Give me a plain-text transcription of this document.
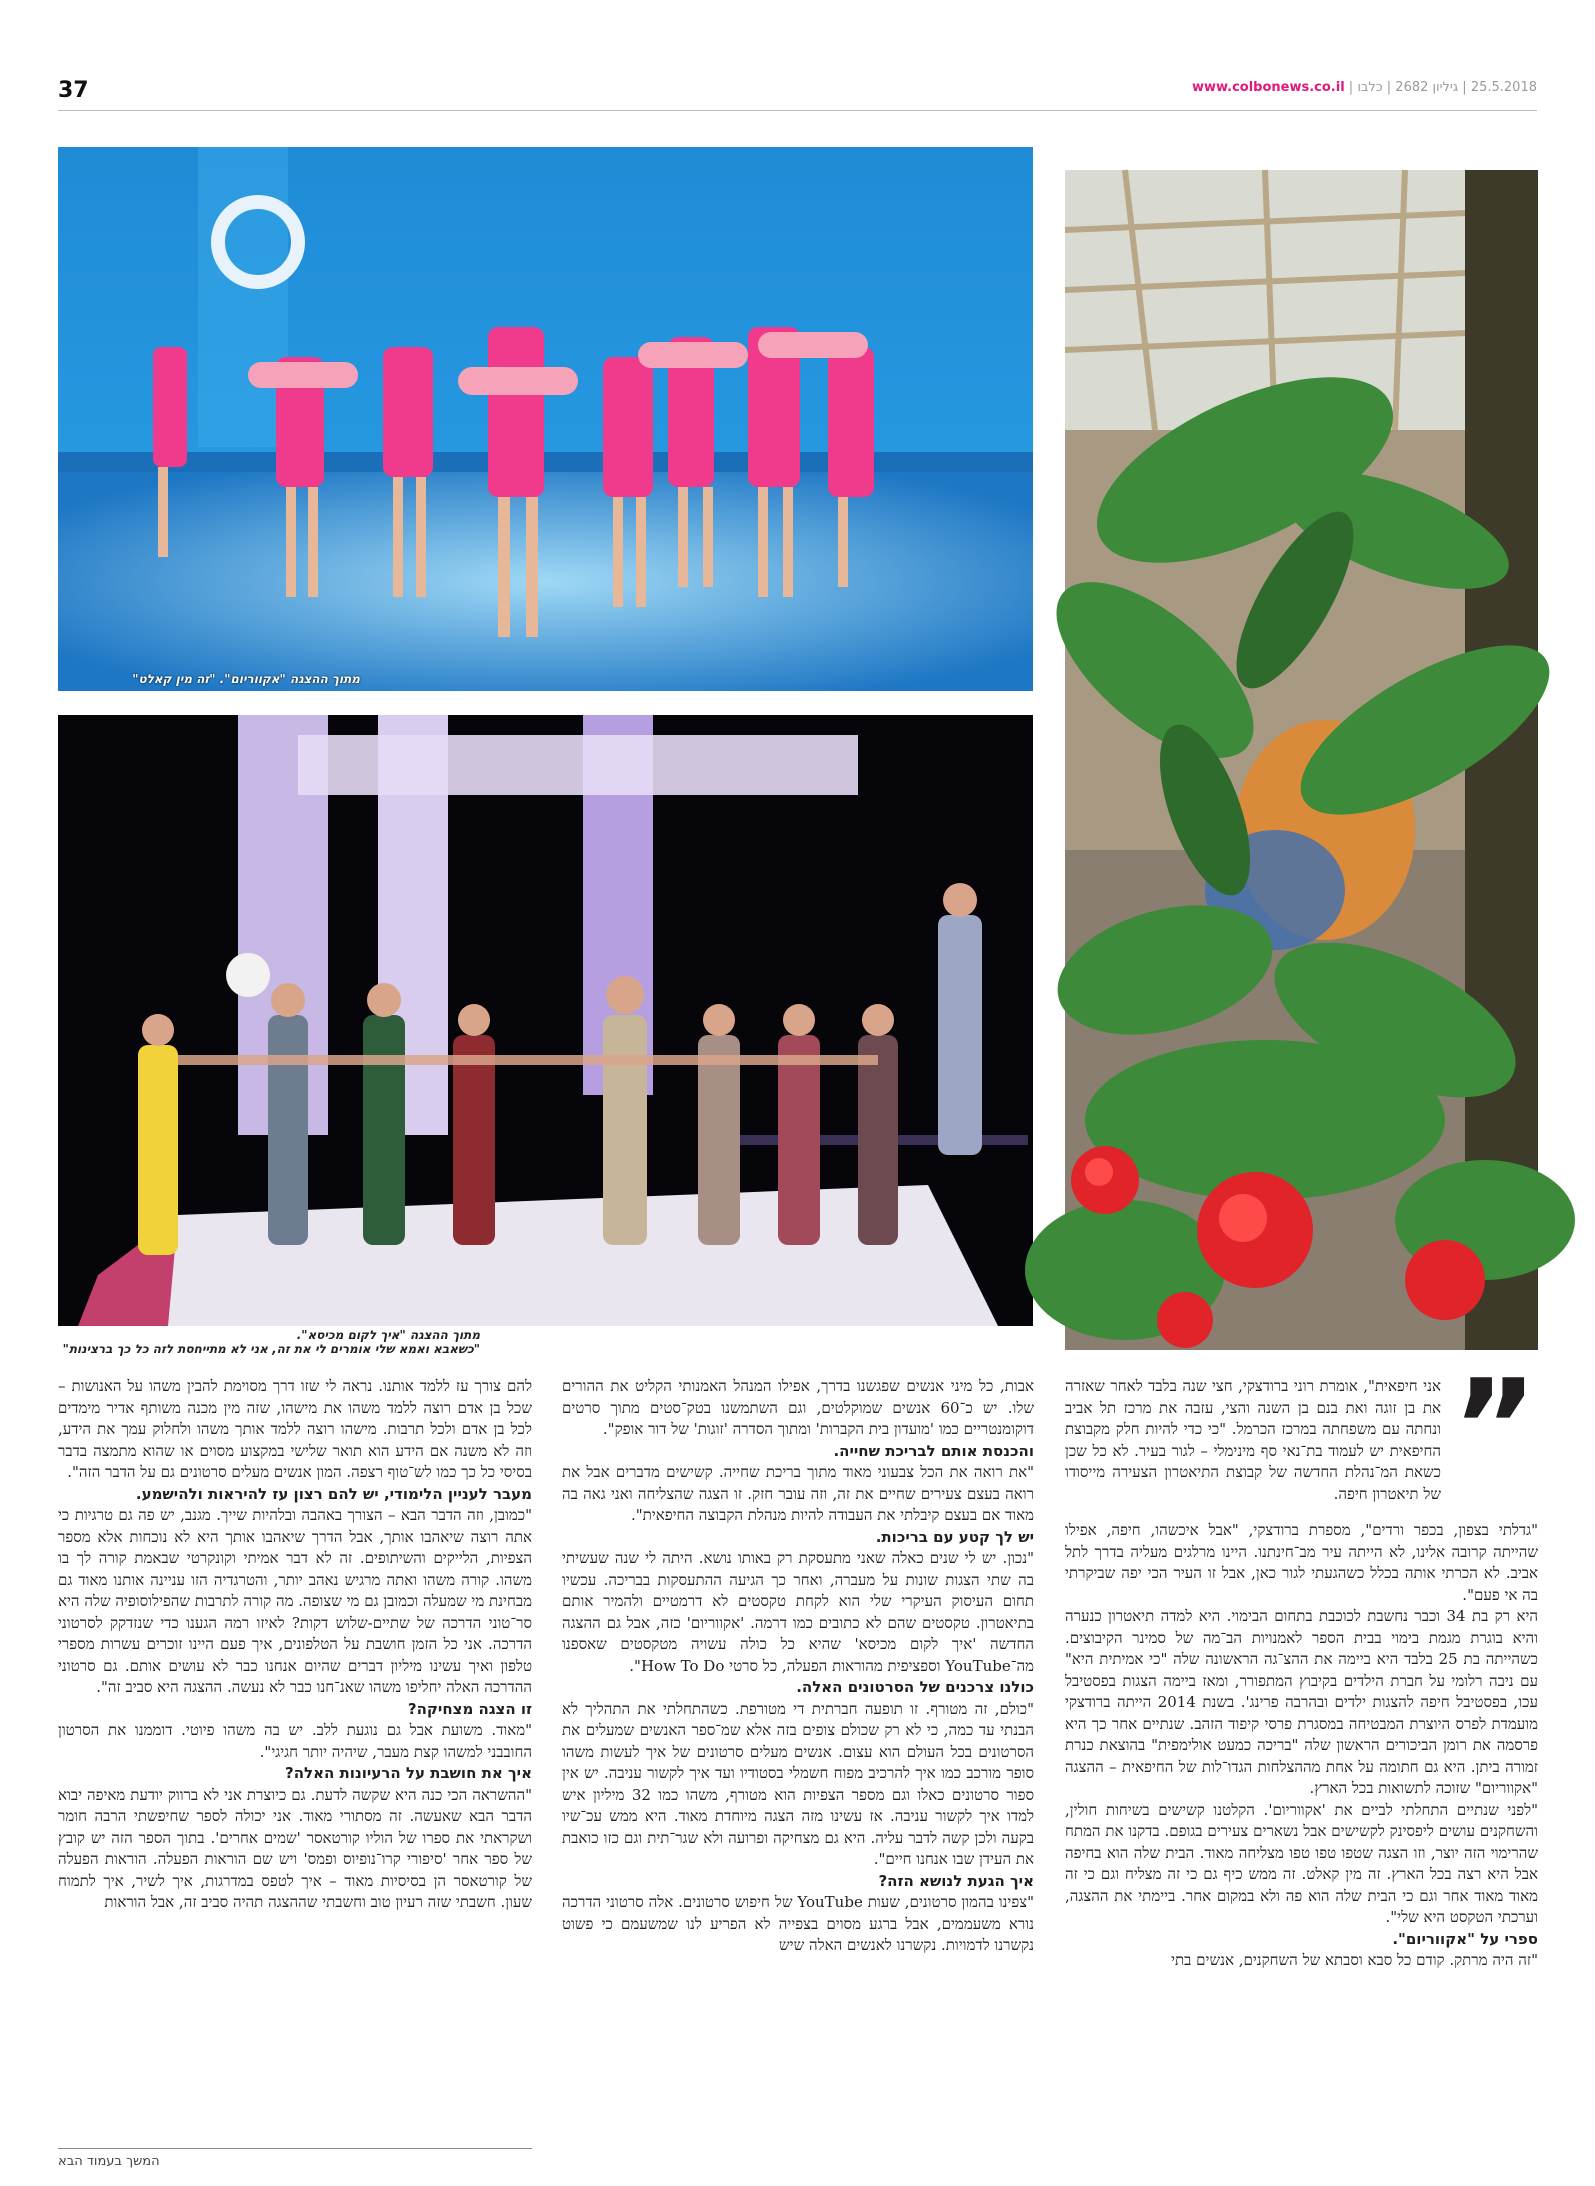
37	25.5.2018 | גיליון 2682 | כלבו | www.colbonews.co.il
מתוך ההצגה "אקווריום". "זה מין קאלט"
מתוך ההצגה "איך לקום מכיסא".
"כשאבא ואמא שלי אומרים לי את זה, אני לא מתייחסת לזה כל כך ברצינות"
”

אני חיפאית", אומרת רוני ברודצקי, חצי שנה בלבד לאחר שאזרה את בן זוגה ואת בנם בן השנה והצי, עזבה את מרכז תל אביב ונחתה עם משפחתה במרכז הכרמל. "כי כדי להיות חלק מקבוצת החיפאית יש לעמוד בת־נאי סף מינימלי – לגור בעיר. לא כל שכן כשאת המ־נהלת החדשה של קבוצת התיאטרון הצעירה מייסודו של תיאטרון חיפה.

"גדלתי בצפון, בכפר ורדים", מספרת ברודצקי, "אבל איכשהו, חיפה, אפילו שהייתה קרובה אלינו, לא הייתה עיר מב־חינתנו. היינו מרלגים מעליה בדרך לתל אביב. לא הכרתי אותה בכלל כשהגעתי לגור כאן, אבל זו העיר הכי יפה שביקרתי בה אי פעם".

היא רק בת 34 וכבר נחשבת לכוכבת בתחום הבימוי. היא למדה תיאטרון כנערה והיא בוגרת מגמת בימוי בבית הספר לאמנויות הב־מה של סמינר הקיבוצים. כשהייתה בת 25 בלבד היא ביימה את ההצ־גה הראשונה שלה "כי אמיתית היא" עם ניבה רלומי על חברת הילדים בקיבוץ המתפורר, ומאז ביימה הצגות בפסטיבל עכו, בפסטיבל חיפה להצגות ילדים ובהרבה פרינג'. בשנת 2014 הייתה ברודצקי מועמדת לפרס היוצרת המבטיחה במסגרת פרסי קיפוד הזהב. שנתיים אחר כך היא פרסמה את רומן הביכורים הראשון שלה "בריכה כמעט אולימפית" בהוצאת כנרת זמורה ביתן. היא גם חתומה על אחת מההצלחות הגדו־לות של החיפאית – ההצגה "אקווריום" שזוכה לתשואות בכל הארץ.

"לפני שנתיים התחלתי לביים את 'אקווריום'. הקלטנו קשישים בשיחות חולין, והשחקנים עושים ליפסינק לקשישים אבל נשארים צעירים בגופם. בדקנו את המתח שהרימוי הזה יוצר, וזו הצגה שטפו טפו טפו מצליחה מאוד. הבית שלה הוא בחיפה אבל היא רצה בכל הארץ. זה מין קאלט. זה ממש כיף גם כי זה מצליח וגם כי זה מאוד מאוד אחר וגם כי הבית שלה הוא פה ולא במקום אחר. ביימתי את ההצגה, וערכתי הטקסט היא שלי".

ספרי על "אקווריום".

"זה היה מרתק. קודם כל סבא וסבתא של השחקנים, אנשים בתי

אבות, כל מיני אנשים שפגשנו בדרך, אפילו המנהל האמנותי הקליט את ההורים שלו. יש כ־60 אנשים שמוקלטים, וגם השתמשנו בטק־סטים מתוך סרטים דוקומנטריים כמו 'מועדון בית הקברות' ומתוך הסדרה 'זוגות' של דור אופק".

והכנסת אותם לבריכת שחייה.

"את רואה את הכל צבעוני מאוד מתוך בריכת שחייה. קשישים מדברים אבל את רואה בעצם צעירים שחיים את זה, וזה עובר חזק. זו הצגה שהצליחה ואני גאה בה מאוד אם בעצם קיבלתי את העבודה להיות מנהלת הקבוצה החיפאית".

יש לך קטע עם בריכות.

"נכון. יש לי שנים כאלה שאני מתעסקת רק באותו נושא. היתה לי שנה שעשיתי בה שתי הצגות שונות על מעברה, ואחר כך הגיעה ההתעסקות בבריכה. עכשיו תחום העיסוק העיקרי שלי הוא לקחת טקסטים לא דרמטיים ולהמיר אותם בתיאטרון. טקסטים שהם לא כתובים כמו דרמה. 'אקווריום' כזה, אבל גם ההצגה החדשה 'איך לקום מכיסא' שהיא כל כולה עשויה מטקסטים שאספנו מה־YouTube וספציפית מהוראות הפעלה, כל סרטי How To Do".

כולנו צרכנים של הסרטונים האלה.

"כולם, זה מטורף. זו תופעה חברתית די מטורפת. כשהתחלתי את התהליך לא הבנתי עד כמה, כי לא רק שכולם צופים בזה אלא שמ־ספר האנשים שמעלים את הסרטונים בכל העולם הוא עצום. אנשים מעלים סרטונים של איך לעשות משהו סופר מורכב כמו איך להרכיב מפוח חשמלי בסטודיו ועד איך לקשור עניבה. יש אין ספור סרטונים כאלו וגם מספר הצפיות הוא מטורף, משהו כמו 32 מיליון איש למדו איך לקשור עניבה. אז עשינו מזה הצגה מיוחדת מאוד. היא ממש עכ־שיו בקעה ולכן קשה לדבר עליה. היא גם מצחיקה ופרועה ולא שגר־תית וגם כזו כואבת את העידן שבו אנחנו חיים".

איך הגעת לנושא הזה?

"צפינו בהמון סרטונים, שעות YouTube של חיפוש סרטונים. אלה סרטוני הדרכה נורא משעממים, אבל ברגע מסוים בצפייה לא הפריע לנו שמשעמם כי פשוט נקשרנו לדמויות. נקשרנו לאנשים האלה שיש

להם צורך עז ללמד אותנו. נראה לי שזו דרך מסוימת להבין משהו על האנושות – שכל בן אדם רוצה ללמד משהו את מישהו, שזה מין מכנה משותף אדיר מימדים לכל בן אדם ולכל תרבות. מישהו רוצה ללמד אותך משהו ולחלוק עמך את הידע, וזה לא משנה אם הידע הוא תואר שלישי במקצוע מסוים או שהוא מתמצה בדבר בסיסי כל כך כמו לש־טוף רצפה. המון אנשים מעלים סרטונים גם על הדבר הזה".

מעבר לעניין הלימודי, יש להם רצון עז להיראות ולהישמע.

"כמובן, וזה הדבר הבא – הצורך באהבה ובלהיות שייך. מגנב, יש פה גם טרגיות כי אתה רוצה שיאהבו אותך, אבל הדרך שיאהבו אותך היא לא נוכחות אלא מספר הצפיות, הלייקים והשיתופים. זה לא דבר אמיתי וקונקרטי שבאמת קורה לך בו משהו. קורה משהו ואתה מרגיש נאהב יותר, והטרגדיה הזו עניינה אותנו מאוד גם מבחינת מי שמעלה וכמובן גם מי שצופה. מה קורה לתרבות שהפילוסופיה שלה היא סר־טוני הדרכה של שתיים-שלוש דקות? לאיזו רמה הגענו כדי שנזדקק לסרטוני הדרכה. אני כל הזמן חושבת על הטלפונים, איך פעם היינו זוכרים עשרות מספרי טלפון ואיך עשינו מיליון דברים שהיום אנחנו כבר לא עושים אותם. גם סרטוני ההדרכה האלה יחליפו משהו שאנ־חנו כבר לא נעשה. ההצגה היא סביב זה".

זו הצגה מצחיקה?

"מאוד. משועת אבל גם נוגעת ללב. יש בה משהו פיוטי. דוממנו את הסרטון החובבני למשהו קצת מעבר, שיהיה יותר חגיגי".

איך את חושבת על הרעיונות האלה?

"ההשראה הכי כנה היא שקשה לדעת. גם כיוצרת אני לא ברווק יודעת מאיפה יבוא הדבר הבא שאעשה. זה מסתורי מאוד. אני יכולה לספר שחיפשתי הרבה חומר ושקראתי את ספרו של הוליו קורטאסר 'שמים אחרים'. בתוך הספר הזה יש קובץ של ספר אחר 'סיפורי קרו־נופיוס ופמס' ויש שם הוראות הפעלה. הוראות הפעלה של קורטאסר הן בסיסיות מאוד – איך לטפס במדרגות, איך לשיר, איך לתמוח שעון. חשבתי שזה רעיון טוב וחשבתי שההצגה תהיה סביב זה, אבל הוראות

המשך בעמוד הבא
